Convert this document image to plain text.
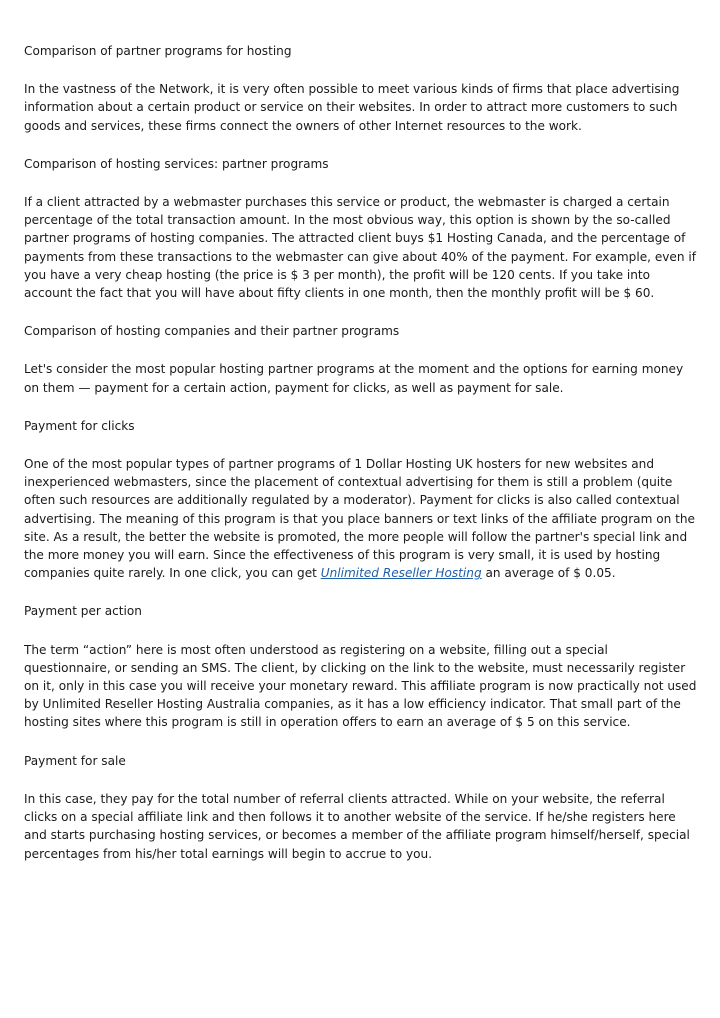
Comparison of partner programs for hosting

In the vastness of the Network, it is very often possible to meet various kinds of firms that place advertising information about a certain product or service on their websites. In order to attract more customers to such goods and services, these firms connect the owners of other Internet resources to the work.

Comparison of hosting services: partner programs

If a client attracted by a webmaster purchases this service or product, the webmaster is charged a certain percentage of the total transaction amount. In the most obvious way, this option is shown by the so-called partner programs of hosting companies. The attracted client buys $1 Hosting Canada, and the percentage of payments from these transactions to the webmaster can give about 40% of the payment. For example, even if you have a very cheap hosting (the price is $ 3 per month), the profit will be 120 cents. If you take into account the fact that you will have about fifty clients in one month, then the monthly profit will be $ 60.

Comparison of hosting companies and their partner programs

Let's consider the most popular hosting partner programs at the moment and the options for earning money on them — payment for a certain action, payment for clicks, as well as payment for sale.

Payment for clicks

One of the most popular types of partner programs of 1 Dollar Hosting UK hosters for new websites and inexperienced webmasters, since the placement of contextual advertising for them is still a problem (quite often such resources are additionally regulated by a moderator). Payment for clicks is also called contextual advertising. The meaning of this program is that you place banners or text links of the affiliate program on the site. As a result, the better the website is promoted, the more people will follow the partner's special link and the more money you will earn. Since the effectiveness of this program is very small, it is used by hosting companies quite rarely. In one click, you can get Unlimited Reseller Hosting an average of $ 0.05.

Payment per action

The term “action” here is most often understood as registering on a website, filling out a special questionnaire, or sending an SMS. The client, by clicking on the link to the website, must necessarily register on it, only in this case you will receive your monetary reward. This affiliate program is now practically not used by Unlimited Reseller Hosting Australia companies, as it has a low efficiency indicator. That small part of the hosting sites where this program is still in operation offers to earn an average of $ 5 on this service.

Payment for sale

In this case, they pay for the total number of referral clients attracted. While on your website, the referral clicks on a special affiliate link and then follows it to another website of the service. If he/she registers here and starts purchasing hosting services, or becomes a member of the affiliate program himself/herself, special percentages from his/her total earnings will begin to accrue to you.
